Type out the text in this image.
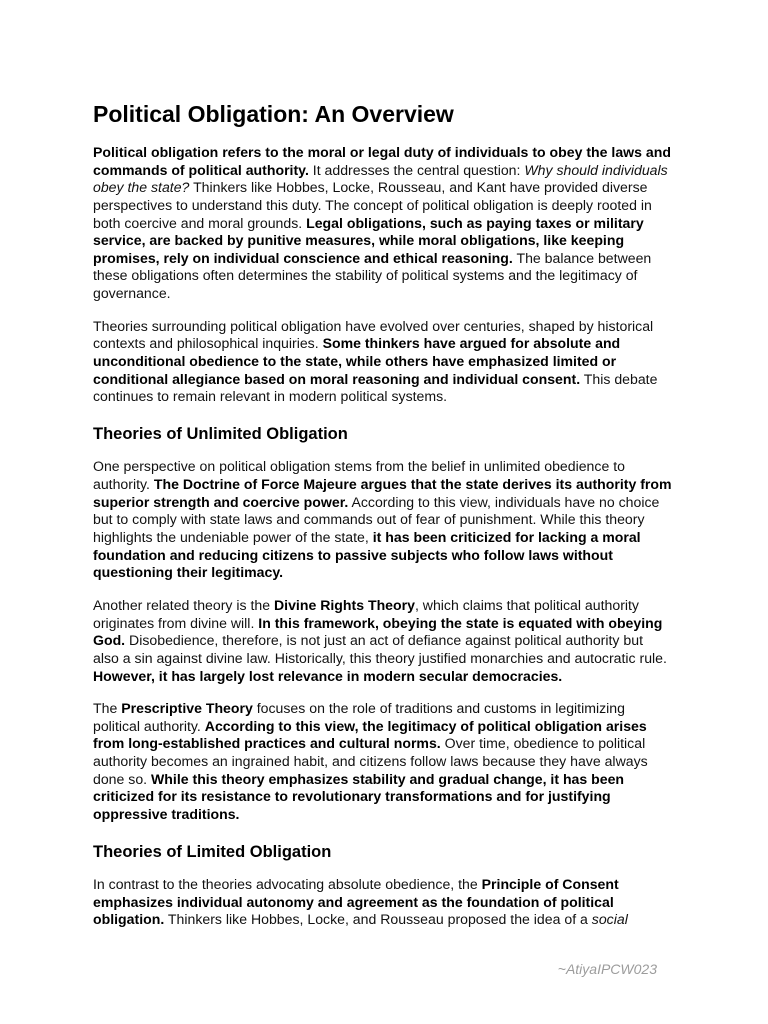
Political Obligation: An Overview
Political obligation refers to the moral or legal duty of individuals to obey the laws and
commands of political authority. It addresses the central question: Why should individuals
obey the state? Thinkers like Hobbes, Locke, Rousseau, and Kant have provided diverse
perspectives to understand this duty. The concept of political obligation is deeply rooted in
both coercive and moral grounds. Legal obligations, such as paying taxes or military
service, are backed by punitive measures, while moral obligations, like keeping
promises, rely on individual conscience and ethical reasoning. The balance between
these obligations often determines the stability of political systems and the legitimacy of
governance.
Theories surrounding political obligation have evolved over centuries, shaped by historical
contexts and philosophical inquiries. Some thinkers have argued for absolute and
unconditional obedience to the state, while others have emphasized limited or
conditional allegiance based on moral reasoning and individual consent. This debate
continues to remain relevant in modern political systems.
Theories of Unlimited Obligation
One perspective on political obligation stems from the belief in unlimited obedience to
authority. The Doctrine of Force Majeure argues that the state derives its authority from
superior strength and coercive power. According to this view, individuals have no choice
but to comply with state laws and commands out of fear of punishment. While this theory
highlights the undeniable power of the state, it has been criticized for lacking a moral
foundation and reducing citizens to passive subjects who follow laws without
questioning their legitimacy.
Another related theory is the Divine Rights Theory, which claims that political authority
originates from divine will. In this framework, obeying the state is equated with obeying
God. Disobedience, therefore, is not just an act of defiance against political authority but
also a sin against divine law. Historically, this theory justified monarchies and autocratic rule.
However, it has largely lost relevance in modern secular democracies.
The Prescriptive Theory focuses on the role of traditions and customs in legitimizing
political authority. According to this view, the legitimacy of political obligation arises
from long-established practices and cultural norms. Over time, obedience to political
authority becomes an ingrained habit, and citizens follow laws because they have always
done so. While this theory emphasizes stability and gradual change, it has been
criticized for its resistance to revolutionary transformations and for justifying
oppressive traditions.
Theories of Limited Obligation
In contrast to the theories advocating absolute obedience, the Principle of Consent
emphasizes individual autonomy and agreement as the foundation of political
obligation. Thinkers like Hobbes, Locke, and Rousseau proposed the idea of a social
~AtiyaIPCW023
